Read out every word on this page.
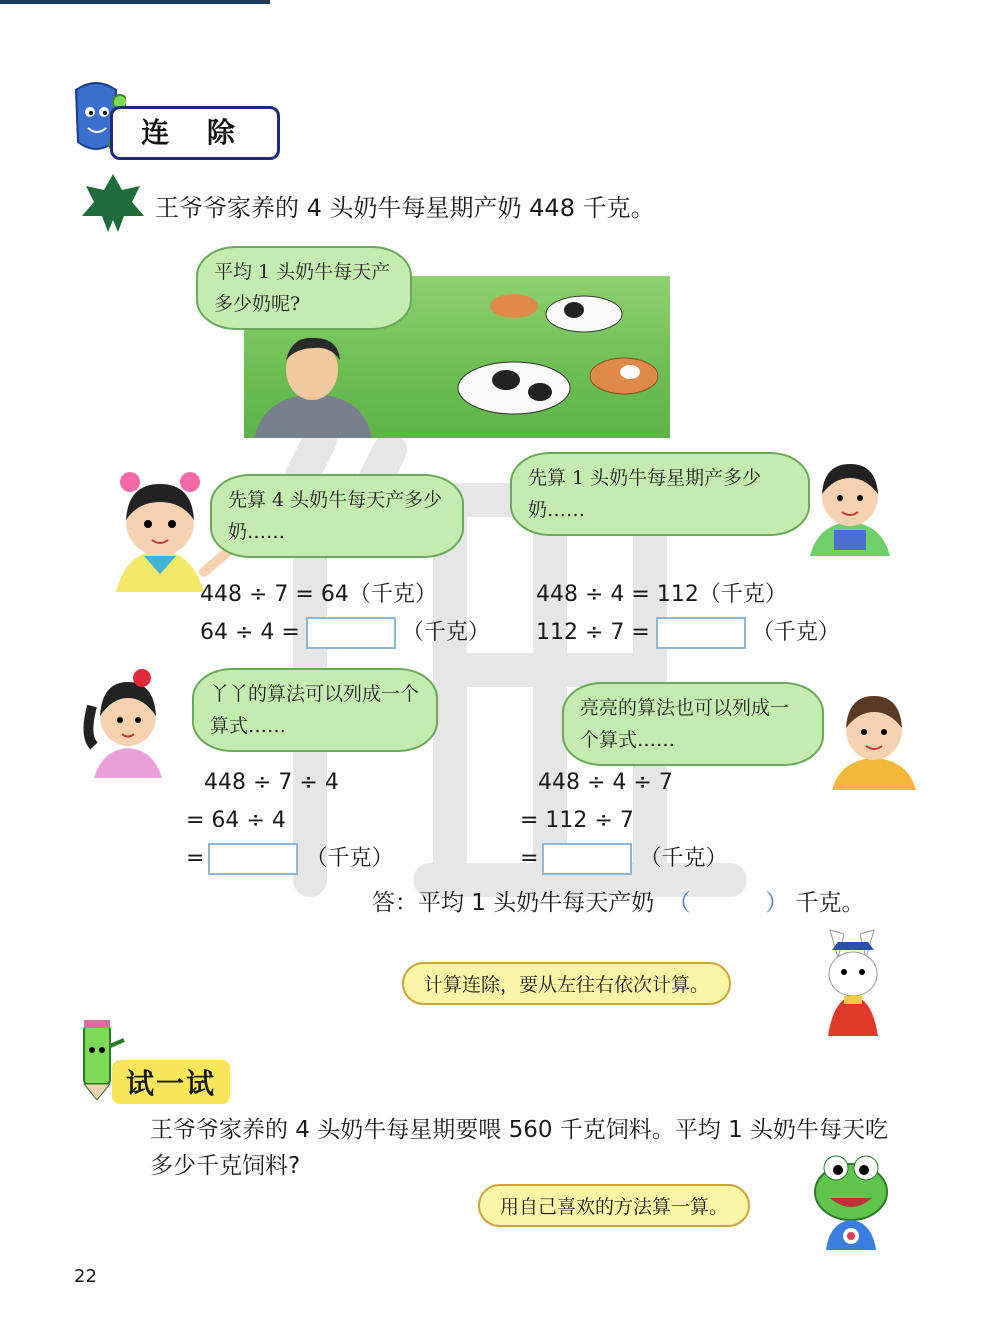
连 除
王爷爷家养的 4 头奶牛每星期产奶 448 千克。
平均 1 头奶牛每天产多少奶呢?
先算 4 头奶牛每天产多少奶……
先算 1 头奶牛每星期产多少奶……
448 ÷ 7 = 64（千克）
64 ÷ 4 =	（千克）
448 ÷ 4 = 112（千克）
112 ÷ 7 =	（千克）
丫丫的算法可以列成一个算式……
亮亮的算法也可以列成一个算式……
448 ÷ 7 ÷ 4
= 64 ÷ 4
=	（千克）
448 ÷ 4 ÷ 7
= 112 ÷ 7
=	（千克）
答：平均 1 头奶牛每天产奶 （	） 千克。
计算连除，要从左往右依次计算。
试一试
王爷爷家养的 4 头奶牛每星期要喂 560 千克饲料。平均 1 头奶牛每天吃多少千克饲料?
用自己喜欢的方法算一算。
22
